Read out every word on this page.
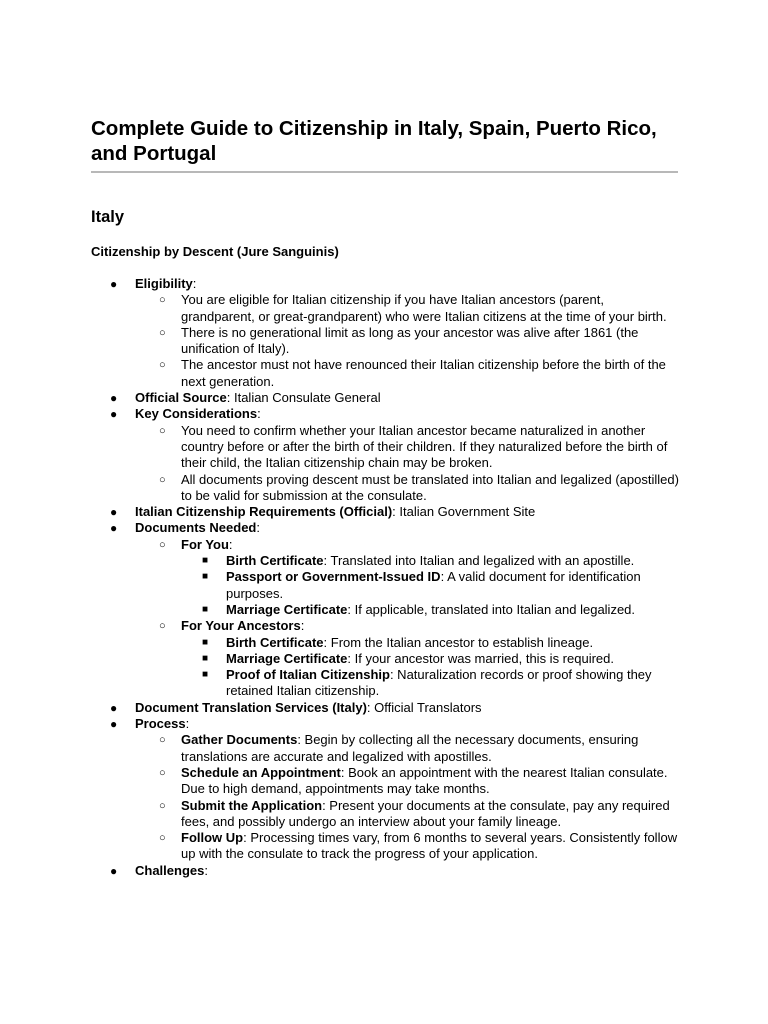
Complete Guide to Citizenship in Italy, Spain, Puerto Rico, and Portugal
Italy
Citizenship by Descent (Jure Sanguinis)
● Eligibility:
○ You are eligible for Italian citizenship if you have Italian ancestors (parent, grandparent, or great-grandparent) who were Italian citizens at the time of your birth.
○ There is no generational limit as long as your ancestor was alive after 1861 (the unification of Italy).
○ The ancestor must not have renounced their Italian citizenship before the birth of the next generation.
● Official Source: Italian Consulate General
● Key Considerations:
○ You need to confirm whether your Italian ancestor became naturalized in another country before or after the birth of their children. If they naturalized before the birth of their child, the Italian citizenship chain may be broken.
○ All documents proving descent must be translated into Italian and legalized (apostilled) to be valid for submission at the consulate.
● Italian Citizenship Requirements (Official): Italian Government Site
● Documents Needed:
○ For You:
■ Birth Certificate: Translated into Italian and legalized with an apostille.
■ Passport or Government-Issued ID: A valid document for identification purposes.
■ Marriage Certificate: If applicable, translated into Italian and legalized.
○ For Your Ancestors:
■ Birth Certificate: From the Italian ancestor to establish lineage.
■ Marriage Certificate: If your ancestor was married, this is required.
■ Proof of Italian Citizenship: Naturalization records or proof showing they retained Italian citizenship.
● Document Translation Services (Italy): Official Translators
● Process:
○ Gather Documents: Begin by collecting all the necessary documents, ensuring translations are accurate and legalized with apostilles.
○ Schedule an Appointment: Book an appointment with the nearest Italian consulate. Due to high demand, appointments may take months.
○ Submit the Application: Present your documents at the consulate, pay any required fees, and possibly undergo an interview about your family lineage.
○ Follow Up: Processing times vary, from 6 months to several years. Consistently follow up with the consulate to track the progress of your application.
● Challenges:
